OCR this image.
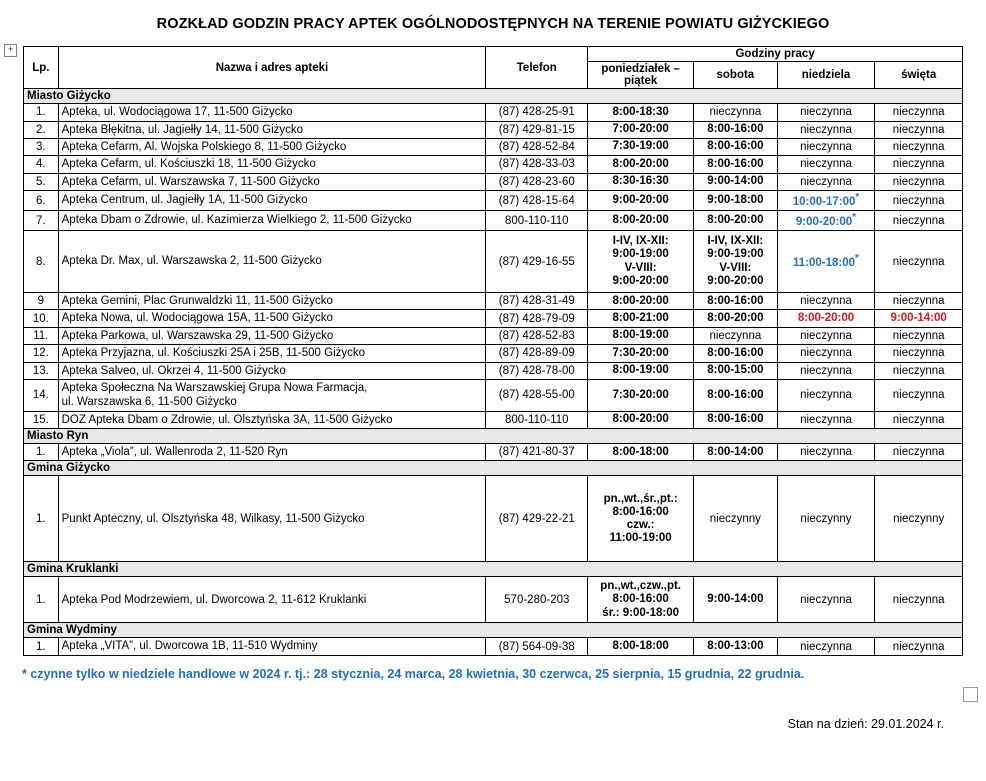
+
ROZKŁAD GODZIN PRACY APTEK OGÓLNODOSTĘPNYCH NA TERENIE POWIATU GIŻYCKIEGO
Lp.	Nazwa i adres apteki	Telefon	Godziny pracy			
			poniedziałek – piątek	sobota	niedziela	święta
Miasto Giżycko						
1.	Apteka, ul. Wodociągowa 17, 11-500 Giżycko	(87) 428-25-91	8:00-18:30	nieczynna	nieczynna	nieczynna
2.	Apteka Błękitna, ul. Jagiełły 14, 11-500 Giżycko	(87) 429-81-15	7:00-20:00	8:00-16:00	nieczynna	nieczynna
3.	Apteka Cefarm, Al. Wojska Polskiego 8, 11-500 Giżycko	(87) 428-52-84	7:30-19:00	8:00-16:00	nieczynna	nieczynna
4.	Apteka Cefarm, ul. Kościuszki 18, 11-500 Giżycko	(87) 428-33-03	8:00-20:00	8:00-16:00	nieczynna	nieczynna
5.	Apteka Cefarm, ul. Warszawska 7, 11-500 Giżycko	(87) 428-23-60	8:30-16:30	9:00-14:00	nieczynna	nieczynna
6.	Apteka Centrum, ul. Jagiełły 1A, 11-500 Giżycko	(87) 428-15-64	9:00-20:00	9:00-18:00	10:00-17:00*	nieczynna
7.	Apteka Dbam o Zdrowie, ul. Kazimierza Wielkiego 2, 11-500 Giżycko	800-110-110	8:00-20:00	8:00-20:00	9:00-20:00*	nieczynna
8.	Apteka Dr. Max, ul. Warszawska 2, 11-500 Giżycko	(87) 429-16-55	I-IV, IX-XII:
9:00-19:00
V-VIII:
9:00-20:00	I-IV, IX-XII:
9:00-19:00
V-VIII:
9:00-20:00	11:00-18:00*	nieczynna
9	Apteka Gemini, Plac Grunwaldzki 11, 11-500 Giżycko	(87) 428-31-49	8:00-20:00	8:00-16:00	nieczynna	nieczynna
10.	Apteka Nowa, ul. Wodociągowa 15A, 11-500 Giżycko	(87) 428-79-09	8:00-21:00	8:00-20:00	8:00-20:00	9:00-14:00
11.	Apteka Parkowa, ul. Warszawska 29, 11-500 Giżycko	(87) 428-52-83	8:00-19:00	nieczynna	nieczynna	nieczynna
12.	Apteka Przyjazna, ul. Kościuszki 25A i 25B, 11-500 Giżycko	(87) 428-89-09	7:30-20:00	8:00-16:00	nieczynna	nieczynna
13.	Apteka Salveo, ul. Okrzei 4, 11-500 Giżycko	(87) 428-78-00	8:00-19:00	8:00-15:00	nieczynna	nieczynna
14.	Apteka Społeczna Na Warszawskiej Grupa Nowa Farmacja,
ul. Warszawska 6, 11-500 Giżycko	(87) 428-55-00	7:30-20:00	8:00-16:00	nieczynna	nieczynna
15.	DOZ Apteka Dbam o Zdrowie, ul. Olsztyńska 3A, 11-500 Giżycko	800-110-110	8:00-20:00	8:00-16:00	nieczynna	nieczynna
Miasto Ryn						
1.	Apteka „Viola”, ul. Wallenroda 2, 11-520 Ryn	(87) 421-80-37	8:00-18:00	8:00-14:00	nieczynna	nieczynna
Gmina Giżycko						
1.	Punkt Apteczny, ul. Olsztyńska 48, Wilkasy, 11-500 Giżycko	(87) 429-22-21	pn.,wt.,śr.,pt.:
8:00-16:00
czw.:
11:00-19:00	nieczynny	nieczynny	nieczynny
Gmina Kruklanki						
1.	Apteka Pod Modrzewiem, ul. Dworcowa 2, 11-612 Kruklanki	570-280-203	pn.,wt.,czw.,pt.
8:00-16:00
śr.: 9:00-18:00	9:00-14:00	nieczynna	nieczynna
Gmina Wydminy						
1.	Apteka „VITA”, ul. Dworcowa 1B, 11-510 Wydminy	(87) 564-09-38	8:00-18:00	8:00-13:00	nieczynna	nieczynna
* czynne tylko w niedziele handlowe w 2024 r. tj.: 28 stycznia, 24 marca, 28 kwietnia, 30 czerwca, 25 sierpnia, 15 grudnia, 22 grudnia.
Stan na dzień: 29.01.2024 r.
